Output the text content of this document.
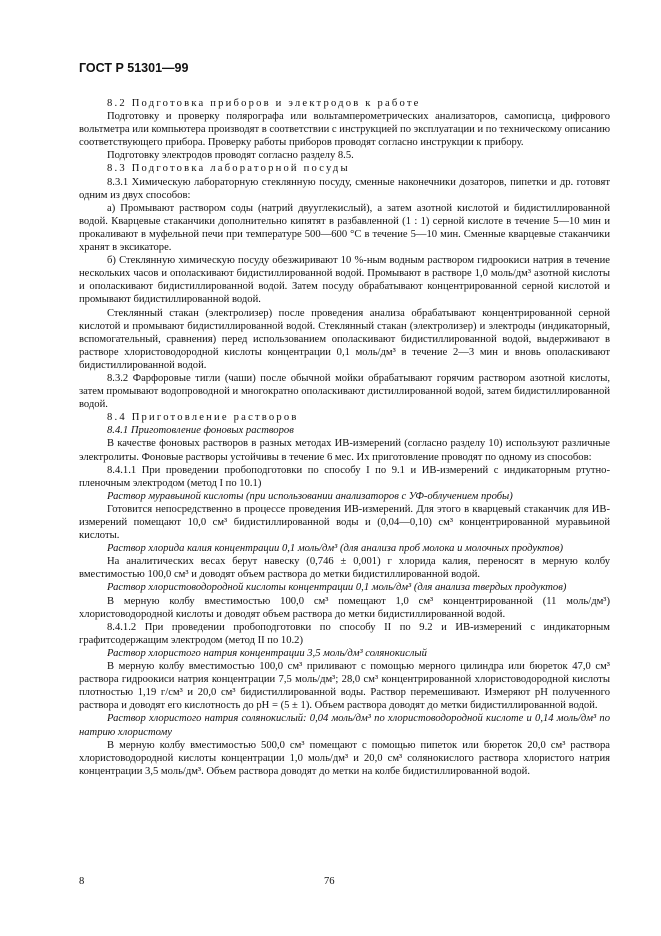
ГОСТ Р 51301—99

8.2 Подготовка приборов и электродов к работе

Подготовку и проверку полярографа или вольтамперометрических анализаторов, самописца, цифрового вольтметра или компьютера производят в соответствии с инструкцией по эксплуатации и по техническому описанию соответствующего прибора. Проверку работы приборов проводят согласно инструкции к прибору.

Подготовку электродов проводят согласно разделу 8.5.

8.3 Подготовка лабораторной посуды

8.3.1 Химическую лабораторную стеклянную посуду, сменные наконечники дозаторов, пипетки и др. готовят одним из двух способов:

а) Промывают раствором соды (натрий двууглекислый), а затем азотной кислотой и бидистиллированной водой. Кварцевые стаканчики дополнительно кипятят в разбавленной (1 : 1) серной кислоте в течение 5—10 мин и прокаливают в муфельной печи при температуре 500—600 °С в течение 5—10 мин. Сменные кварцевые стаканчики хранят в эксикаторе.

б) Стеклянную химическую посуду обезжиривают 10 %-ным водным раствором гидроокиси натрия в течение нескольких часов и ополаскивают бидистиллированной водой. Промывают в растворе 1,0 моль/дм³ азотной кислоты и ополаскивают бидистиллированной водой. Затем посуду обрабатывают концентрированной серной кислотой и промывают бидистиллированной водой.

Стеклянный стакан (электролизер) после проведения анализа обрабатывают концентрированной серной кислотой и промывают бидистиллированной водой. Стеклянный стакан (электролизер) и электроды (индикаторный, вспомогательный, сравнения) перед использованием ополаскивают бидистиллированной водой, выдерживают в растворе хлористоводородной кислоты концентрации 0,1 моль/дм³ в течение 2—3 мин и вновь ополаскивают бидистиллированной водой.

8.3.2 Фарфоровые тигли (чаши) после обычной мойки обрабатывают горячим раствором азотной кислоты, затем промывают водопроводной и многократно ополаскивают дистиллированной водой, затем бидистиллированной водой.

8.4 Приготовление растворов

8.4.1 Приготовление фоновых растворов

В качестве фоновых растворов в разных методах ИВ-измерений (согласно разделу 10) используют различные электролиты. Фоновые растворы устойчивы в течение 6 мес. Их приготовление проводят по одному из способов:

8.4.1.1 При проведении пробоподготовки по способу I по 9.1 и ИВ-измерений с индикаторным ртутно-пленочным электродом (метод I по 10.1)

Раствор муравьиной кислоты (при использовании анализаторов с УФ-облучением пробы)

Готовится непосредственно в процессе проведения ИВ-измерений. Для этого в кварцевый стаканчик для ИВ-измерений помещают 10,0 см³ бидистиллированной воды и (0,04—0,10) см³ концентрированной муравьиной кислоты.

Раствор хлорида калия концентрации 0,1 моль/дм³ (для анализа проб молока и молочных продуктов)

На аналитических весах берут навеску (0,746 ± 0,001) г хлорида калия, переносят в мерную колбу вместимостью 100,0 см³ и доводят объем раствора до метки бидистиллированной водой.

Раствор хлористоводородной кислоты концентрации 0,1 моль/дм³ (для анализа твердых продуктов)

В мерную колбу вместимостью 100,0 см³ помещают 1,0 см³ концентрированной (11 моль/дм³) хлористоводородной кислоты и доводят объем раствора до метки бидистиллированной водой.

8.4.1.2 При проведении пробоподготовки по способу II по 9.2 и ИВ-измерений с индикаторным графитсодержащим электродом (метод II по 10.2)

Раствор хлористого натрия концентрации 3,5 моль/дм³ солянокислый

В мерную колбу вместимостью 100,0 см³ приливают с помощью мерного цилиндра или бюреток 47,0 см³ раствора гидроокиси натрия концентрации 7,5 моль/дм³; 28,0 см³ концентрированной хлористоводородной кислоты плотностью 1,19 г/см³ и 20,0 см³ бидистиллированной воды. Раствор перемешивают. Измеряют pH полученного раствора и доводят его кислотность до pH = (5 ± 1). Объем раствора доводят до метки бидистиллированной водой.

Раствор хлористого натрия солянокислый: 0,04 моль/дм³ по хлористоводородной кислоте и 0,14 моль/дм³ по натрию хлористому

В мерную колбу вместимостью 500,0 см³ помещают с помощью пипеток или бюреток 20,0 см³ раствора хлористоводородной кислоты концентрации 1,0 моль/дм³ и 20,0 см³ солянокислого раствора хлористого натрия концентрации 3,5 моль/дм³. Объем раствора доводят до метки на колбе бидистиллированной водой.

8	76
